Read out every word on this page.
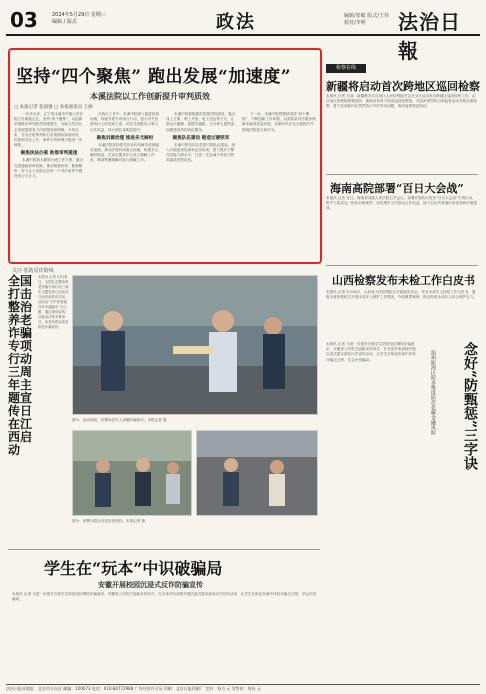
03	2024年5月29日 星期三 编辑 / 版式	政法	编辑/张敏 版式/王伟 校对/李明	法治日報
坚持“四个聚焦” 跑出发展“加速度”
本溪法院以工作创新提升审判质效
□ 本报记者 张国强 □ 本报通讯员 王丽

一年多以来，辽宁省本溪市中级人民法院立足职能定位，坚持“四个聚焦”，以创新举措推动审判质效持续提升，为地方经济社会发展提供有力司法服务和保障。今年以来，全市法院审判执行各项指标持续向好，结案率同比上升，案件平均审理天数进一步缩短。

聚焦执法办案 助推审判提速

本溪中院加大繁简分流工作力度，健全完善速裁快审机制，推动简案快审、繁案精审，努力让人民群众在每一个司法案件中感受到公平正义。

在执行工作中，本溪中院深入推进执源治理，持续开展专项执行行动，加大对失信被执行人的惩戒力度，切实兑现胜诉当事人合法权益，执行到位率明显提升。

聚焦诉源治理 推进多元解纷

本溪法院坚持把非诉讼纠纷解决机制挺在前面，推动矛盾纠纷源头化解，构建多元解纷格局，在诉讼服务中心设立调解工作室，聘请特邀调解员参与调解工作。

本溪中院积极推进智慧法院建设，通过线上立案、网上开庭、电子送达等方式，让群众少跑腿、数据多跑路，为当事人提供更加便捷高效的诉讼服务。

聚焦队伍建设 锻造过硬铁军

本溪中院坚持以党建引领队伍建设，深入开展政治轮训和业务培训，着力提升干警司法能力和水平，打造一支忠诚干净担当的高素质法院队伍。

下一步，本溪中院将继续坚持“四个聚焦”，不断创新工作举措，以高质量司法服务保障本溪高质量发展，在新时代东北全面振兴中展现法院担当和作为。

检察在线
新疆将启动首次跨地区巡回检察
本报讯 记者 日前，新疆维吾尔自治区人民检察院决定在全区启动首次跨地区巡回检察工作，由自治区检察院统筹组织，抽调业务骨干组成巡回检察组，对监狱刑罚执行和监管活动开展全面检察，着力发现和纠正刑罚执行中的突出问题，推动监狱规范执法。
海南高院部署“百日大会战”
本报讯 记者 近日，海南省高级人民法院召开会议，部署开展执行攻坚“百日大会战”专项行动，集中力量攻克一批执行难案件，切实维护人民群众合法权益，助力自由贸易港法治化营商环境建设。
山西检察发布未检工作白皮书
本报讯 记者 5月28日，山西省人民检察院召开新闻发布会，发布未成年人检察工作白皮书，通报全省检察机关开展未成年人保护工作情况，介绍典型案例，推动形成未成年人综合保护合力。
念好“防甄惩”三字诀
温州瓯海区院多维度防范化解金融风险
本报讯 记者 为进一步提升在校学生防范电信网络诈骗意识，安徽省公安机关创新宣传形式，在全省多所高校开展沉浸式剧本游戏反诈宣传活动，让学生在角色扮演中体验诈骗全过程，学会识别骗局。
关注·惩防反诈防线
全国打击整治养老诈骗专项行动三周年主题宣传日在江西启动
本报讯 记者 5月28日，全国打击整治养老诈骗专项行动三周年主题宣传日活动在江西省南昌市启动，活动以“守护养老钱 共享幸福晚年”为主题，通过现场宣传、以案说法等多种形式，向老年群众普及防范诈骗知识。
图为：活动现场，民警向老年人讲解防骗知识。本报记者 摄
图为：民警为群众发放宣传资料。本报记者 摄
学生在“玩本”中识破骗局
安徽开展校园沉浸式反诈防骗宣传
本报讯 记者 为进一步提升在校学生防范电信网络诈骗意识，安徽省公安机关创新宣传形式，在全省多所高校开展沉浸式剧本游戏反诈宣传活动，让学生在角色扮演中体验诈骗全过程，学会识别骗局。
法治日报社地址：北京市丰台区 邮编：100073 电话：010-84772988 广告经营许可证 印刷：北京日报印刷厂 定价：每月 元 零售价：每份 元
